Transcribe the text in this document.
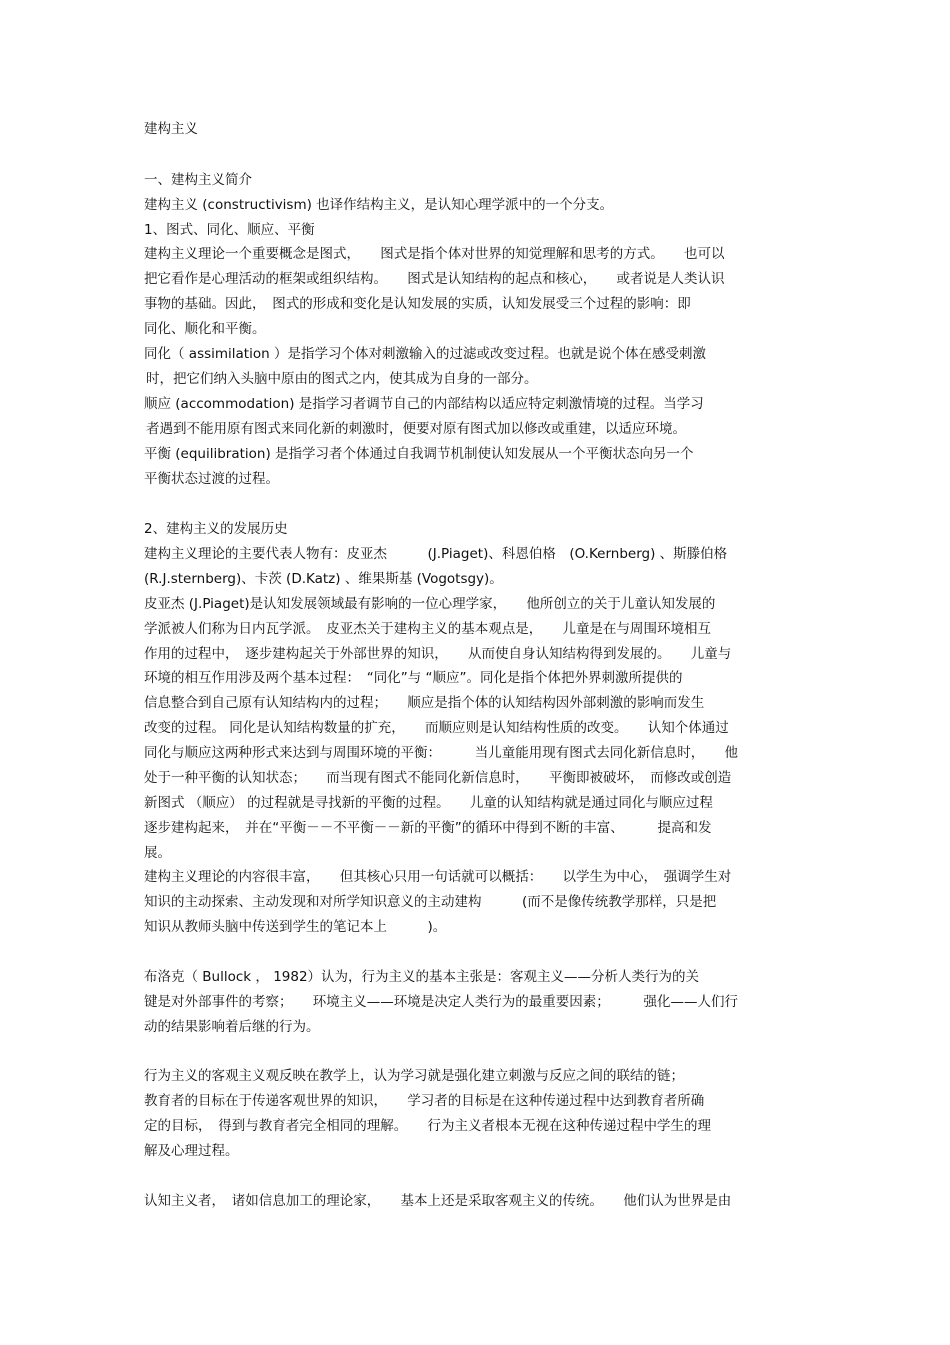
建构主义
一、建构主义简介
建构主义 (constructivism) 也译作结构主义，是认知心理学派中的一个分支。
1、图式、同化、顺应、平衡
建构主义理论一个重要概念是图式，　　图式是指个体对世界的知觉理解和思考的方式。　　也可以
把它看作是心理活动的框架或组织结构。　　图式是认知结构的起点和核心，　　或者说是人类认识
事物的基础。因此，　图式的形成和变化是认知发展的实质，认知发展受三个过程的影响：即
同化、顺化和平衡。
同化（ assimilation ）是指学习个体对刺激输入的过滤或改变过程。也就是说个体在感受刺激
时，把它们纳入头脑中原由的图式之内，使其成为自身的一部分。
顺应 (accommodation) 是指学习者调节自己的内部结构以适应特定刺激情境的过程。当学习
者遇到不能用原有图式来同化新的刺激时，便要对原有图式加以修改或重建，以适应环境。
平衡 (equilibration) 是指学习者个体通过自我调节机制使认知发展从一个平衡状态向另一个
平衡状态过渡的过程。
2、建构主义的发展历史
建构主义理论的主要代表人物有：皮亚杰　　　(J.Piaget)、科恩伯格　(O.Kernberg) 、斯滕伯格
(R.J.sternberg)、卡茨 (D.Katz) 、维果斯基 (Vogotsgy)。
皮亚杰 (J.Piaget)是认知发展领域最有影响的一位心理学家，　　他所创立的关于儿童认知发展的
学派被人们称为日内瓦学派。　皮亚杰关于建构主义的基本观点是，　　儿童是在与周围环境相互
作用的过程中，　逐步建构起关于外部世界的知识，　　从而使自身认知结构得到发展的。　　儿童与
环境的相互作用涉及两个基本过程：　“同化”与 “顺应”。同化是指个体把外界刺激所提供的
信息整合到自己原有认知结构内的过程；　　顺应是指个体的认知结构因外部刺激的影响而发生
改变的过程。 同化是认知结构数量的扩充，　　而顺应则是认知结构性质的改变。　　认知个体通过
同化与顺应这两种形式来达到与周围环境的平衡：　　　当儿童能用现有图式去同化新信息时，　　他
处于一种平衡的认知状态；　　而当现有图式不能同化新信息时，　　平衡即被破坏，　而修改或创造
新图式 （顺应） 的过程就是寻找新的平衡的过程。　　儿童的认知结构就是通过同化与顺应过程
逐步建构起来，　并在“平衡－－不平衡－－新的平衡”的循环中得到不断的丰富、　　　提高和发
展。
建构主义理论的内容很丰富，　　但其核心只用一句话就可以概括：　　以学生为中心，　强调学生对
知识的主动探索、主动发现和对所学知识意义的主动建构　　　(而不是像传统教学那样，只是把
知识从教师头脑中传送到学生的笔记本上　　　)。
布洛克（ Bullock ， 1982）认为，行为主义的基本主张是：客观主义——分析人类行为的关
键是对外部事件的考察；　　环境主义——环境是决定人类行为的最重要因素；　　　强化——人们行
动的结果影响着后继的行为。
行为主义的客观主义观反映在教学上，认为学习就是强化建立刺激与反应之间的联结的链；
教育者的目标在于传递客观世界的知识，　　学习者的目标是在这种传递过程中达到教育者所确
定的目标，　得到与教育者完全相同的理解。　　行为主义者根本无视在这种传递过程中学生的理
解及心理过程。
认知主义者，　诸如信息加工的理论家，　　基本上还是采取客观主义的传统。　　他们认为世界是由
